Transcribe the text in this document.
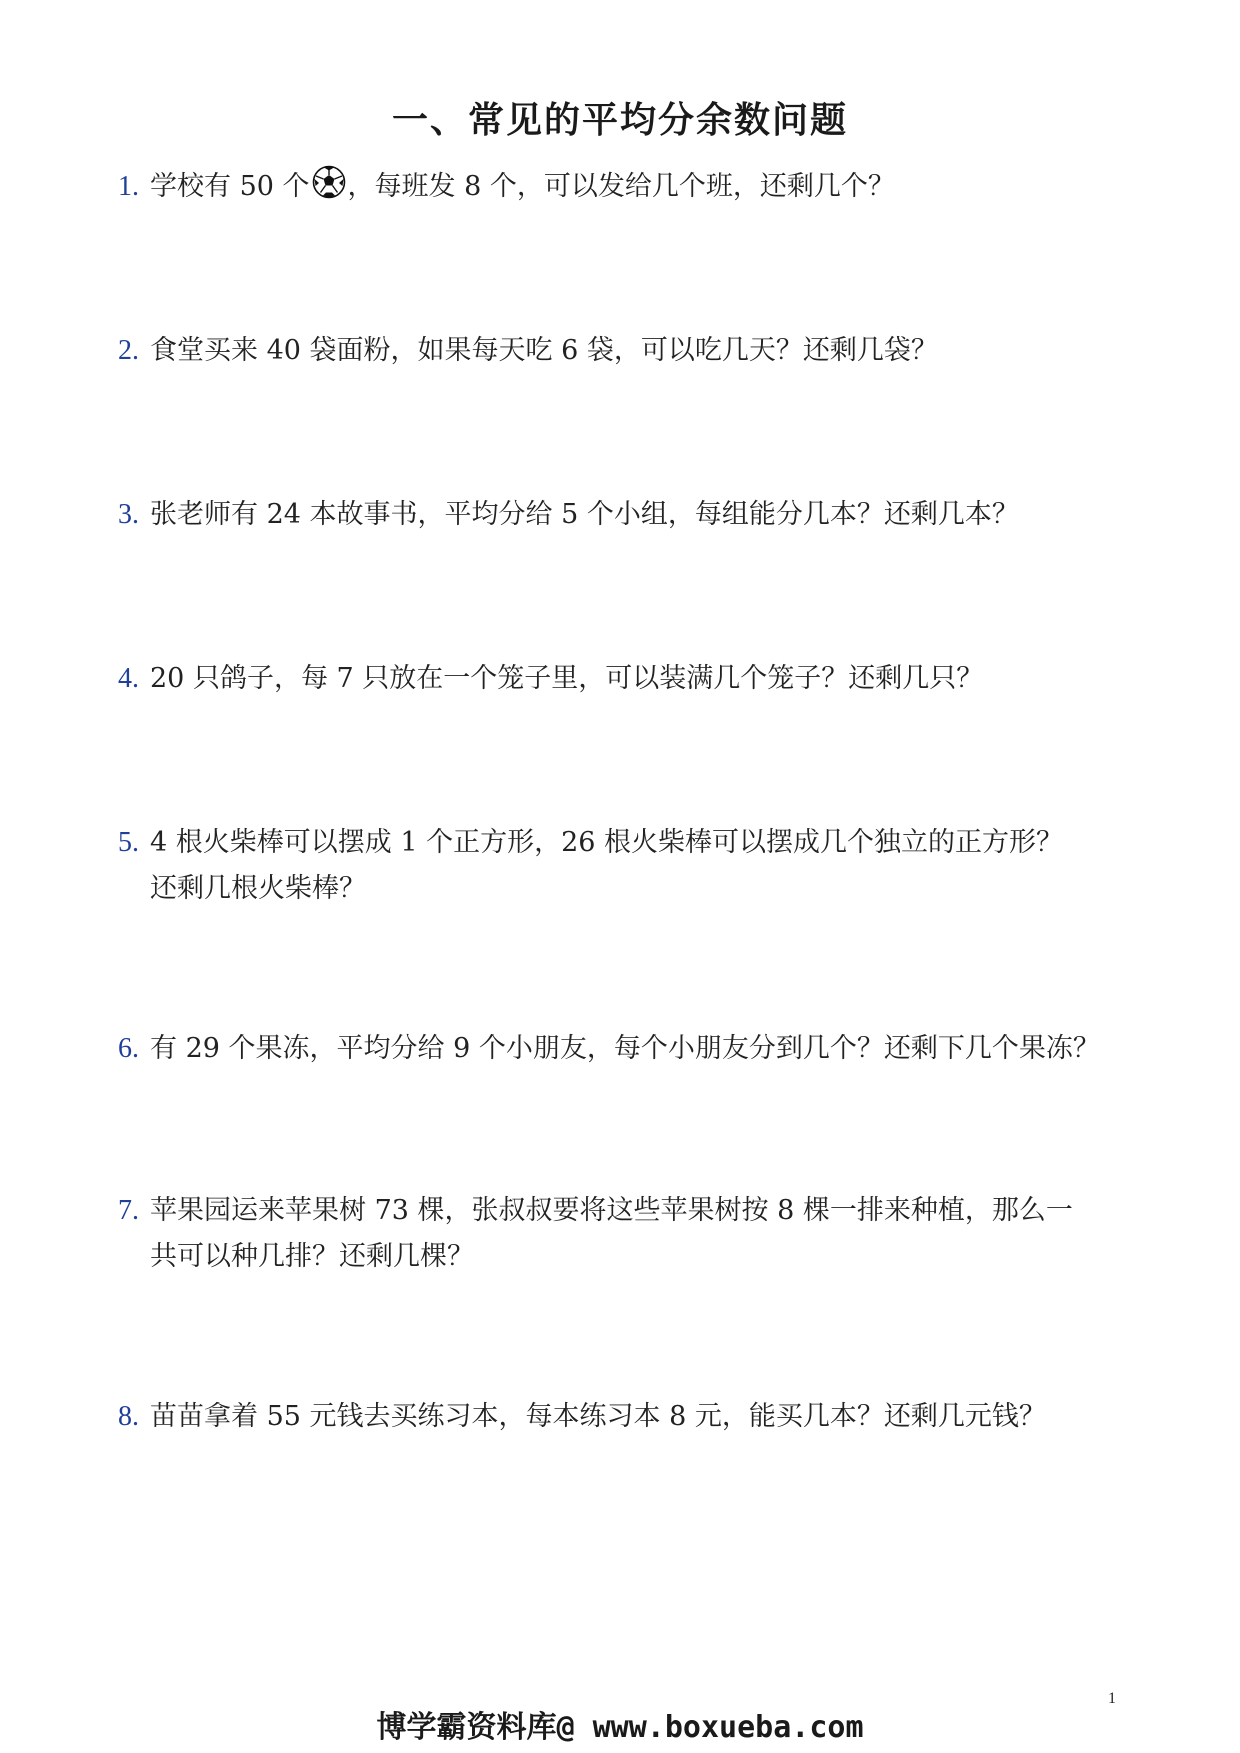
一、常见的平均分余数问题
1. 学校有 50 个 ，每班发 8 个，可以发给几个班，还剩几个？
2. 食堂买来 40 袋面粉，如果每天吃 6 袋，可以吃几天？还剩几袋？
3. 张老师有 24 本故事书，平均分给 5 个小组，每组能分几本？还剩几本？
4. 20 只鸽子，每 7 只放在一个笼子里，可以装满几个笼子？还剩几只？
5. 4 根火柴棒可以摆成 1 个正方形，26 根火柴棒可以摆成几个独立的正方形？
还剩几根火柴棒？
6. 有 29 个果冻，平均分给 9 个小朋友，每个小朋友分到几个？还剩下几个果冻？
7. 苹果园运来苹果树 73 棵，张叔叔要将这些苹果树按 8 棵一排来种植，那么一
共可以种几排？还剩几棵？
8. 苗苗拿着 55 元钱去买练习本，每本练习本 8 元，能买几本？还剩几元钱？
1
博学霸资料库@ www.boxueba.com
